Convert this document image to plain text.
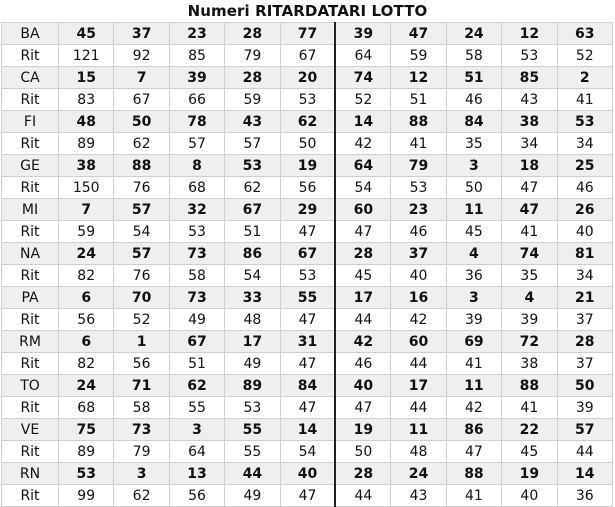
Numeri RITARDATARI LOTTO
BA	45	37	23	28	77	39	47	24	12	63
Rit	121	92	85	79	67	64	59	58	53	52
CA	15	7	39	28	20	74	12	51	85	2
Rit	83	67	66	59	53	52	51	46	43	41
FI	48	50	78	43	62	14	88	84	38	53
Rit	89	62	57	57	50	42	41	35	34	34
GE	38	88	8	53	19	64	79	3	18	25
Rit	150	76	68	62	56	54	53	50	47	46
MI	7	57	32	67	29	60	23	11	47	26
Rit	59	54	53	51	47	47	46	45	41	40
NA	24	57	73	86	67	28	37	4	74	81
Rit	82	76	58	54	53	45	40	36	35	34
PA	6	70	73	33	55	17	16	3	4	21
Rit	56	52	49	48	47	44	42	39	39	37
RM	6	1	67	17	31	42	60	69	72	28
Rit	82	56	51	49	47	46	44	41	38	37
TO	24	71	62	89	84	40	17	11	88	50
Rit	68	58	55	53	47	47	44	42	41	39
VE	75	73	3	55	14	19	11	86	22	57
Rit	89	79	64	55	54	50	48	47	45	44
RN	53	3	13	44	40	28	24	88	19	14
Rit	99	62	56	49	47	44	43	41	40	36
